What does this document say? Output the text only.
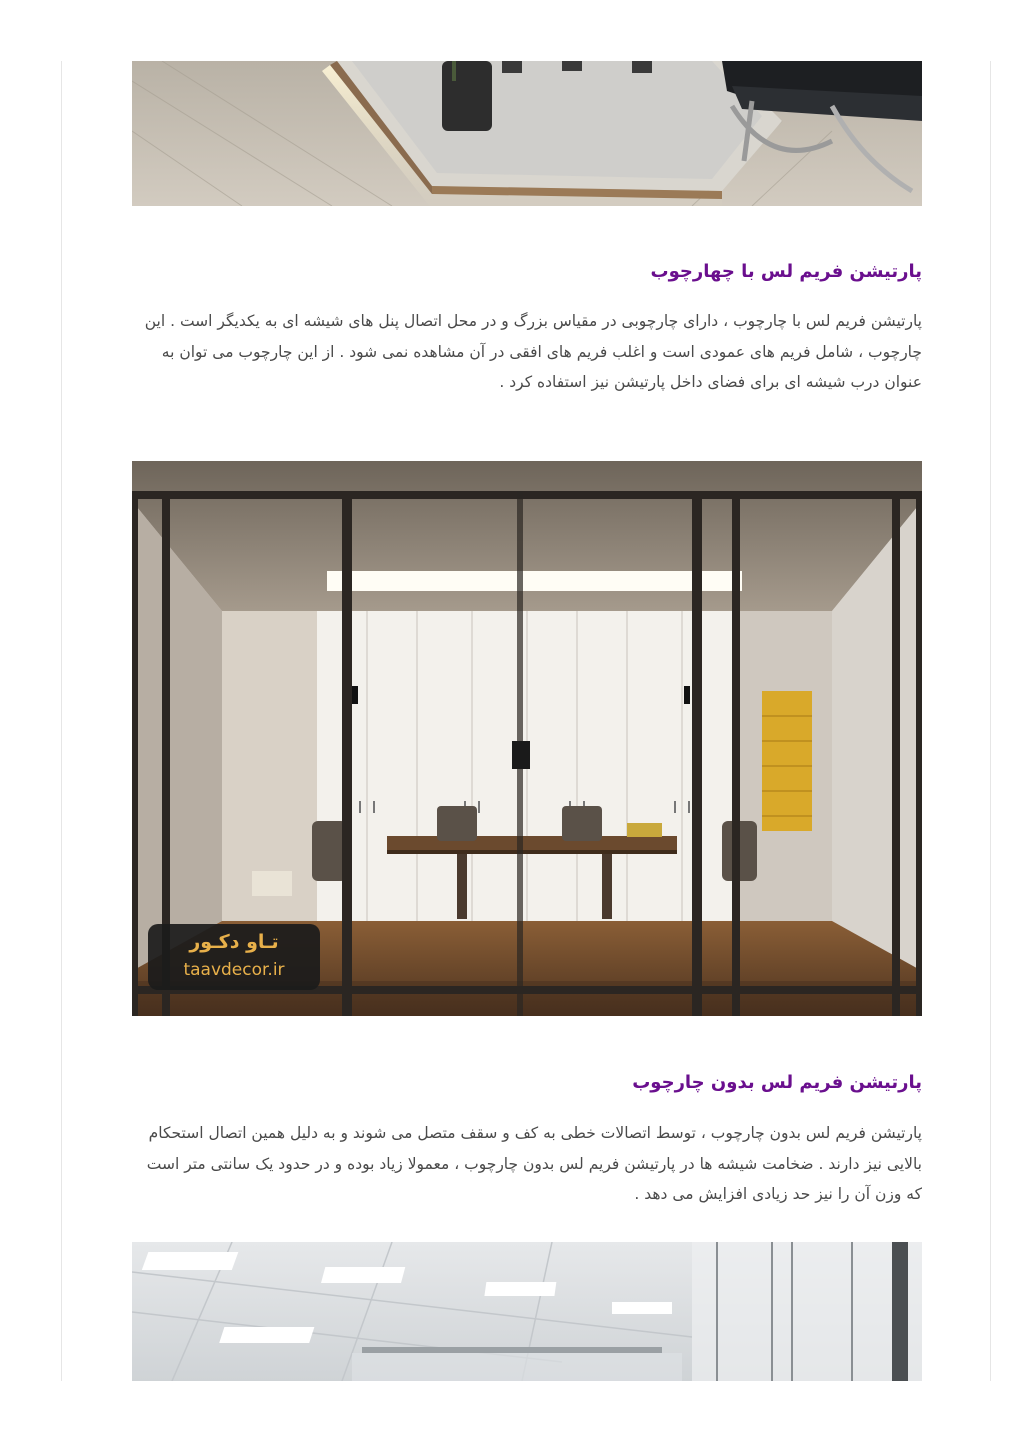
پارتیشن فریم لس با چهارچوب

پارتیشن فریم لس با چارچوب ، دارای چارچوبی در مقیاس بزرگ و در محل اتصال پنل های شیشه ای به یکدیگر است . این چارچوب ، شامل فریم های عمودی است و اغلب فریم های افقی در آن مشاهده نمی شود . از این چارچوب می توان به عنوان درب شیشه ای برای فضای داخل پارتیشن نیز استفاده کرد .

تـاو دکـور
taavdecor.ir
پارتیشن فریم لس بدون چارچوب

پارتیشن فریم لس بدون چارچوب ، توسط اتصالات خطی به کف و سقف متصل می شوند و به دلیل همین اتصال استحکام بالایی نیز دارند . ضخامت شیشه ها در پارتیشن فریم لس بدون چارچوب ، معمولا زیاد بوده و در حدود یک سانتی متر است که وزن آن را نیز حد زیادی افزایش می دهد .
